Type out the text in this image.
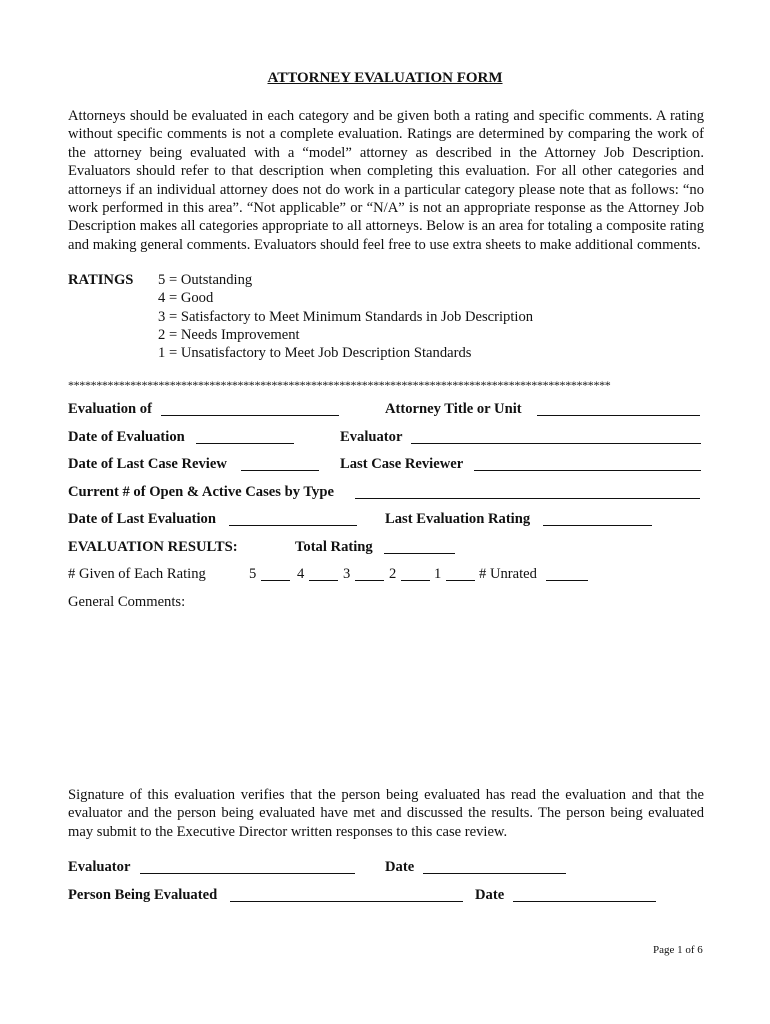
ATTORNEY EVALUATION FORM
Attorneys should be evaluated in each category and be given both a rating and specific comments. A rating without specific comments is not a complete evaluation. Ratings are determined by comparing the work of the attorney being evaluated with a “model” attorney as described in the Attorney Job Description. Evaluators should refer to that description when completing this evaluation. For all other categories and attorneys if an individual attorney does not do work in a particular category please note that as follows: “no work performed in this area”. “Not applicable” or “N/A” is not an appropriate response as the Attorney Job Description makes all categories appropriate to all attorneys. Below is an area for totaling a composite rating and making general comments. Evaluators should feel free to use extra sheets to make additional comments.
RATINGS 5 = Outstanding
4 = Good
3 = Satisfactory to Meet Minimum Standards in Job Description
2 = Needs Improvement
1 = Unsatisfactory to Meet Job Description Standards
************************************************************************************************
Evaluation of	Attorney Title or Unit
Date of Evaluation	Evaluator
Date of Last Case Review	Last Case Reviewer
Current # of Open & Active Cases by Type
Date of Last Evaluation	Last Evaluation Rating
EVALUATION RESULTS:	Total Rating
# Given of Each Rating	5	4	3	2	1	# Unrated
General Comments:
Signature of this evaluation verifies that the person being evaluated has read the evaluation and that the evaluator and the person being evaluated have met and discussed the results. The person being evaluated may submit to the Executive Director written responses to this case review.
Evaluator	Date
Person Being Evaluated	Date
Page 1 of 6
